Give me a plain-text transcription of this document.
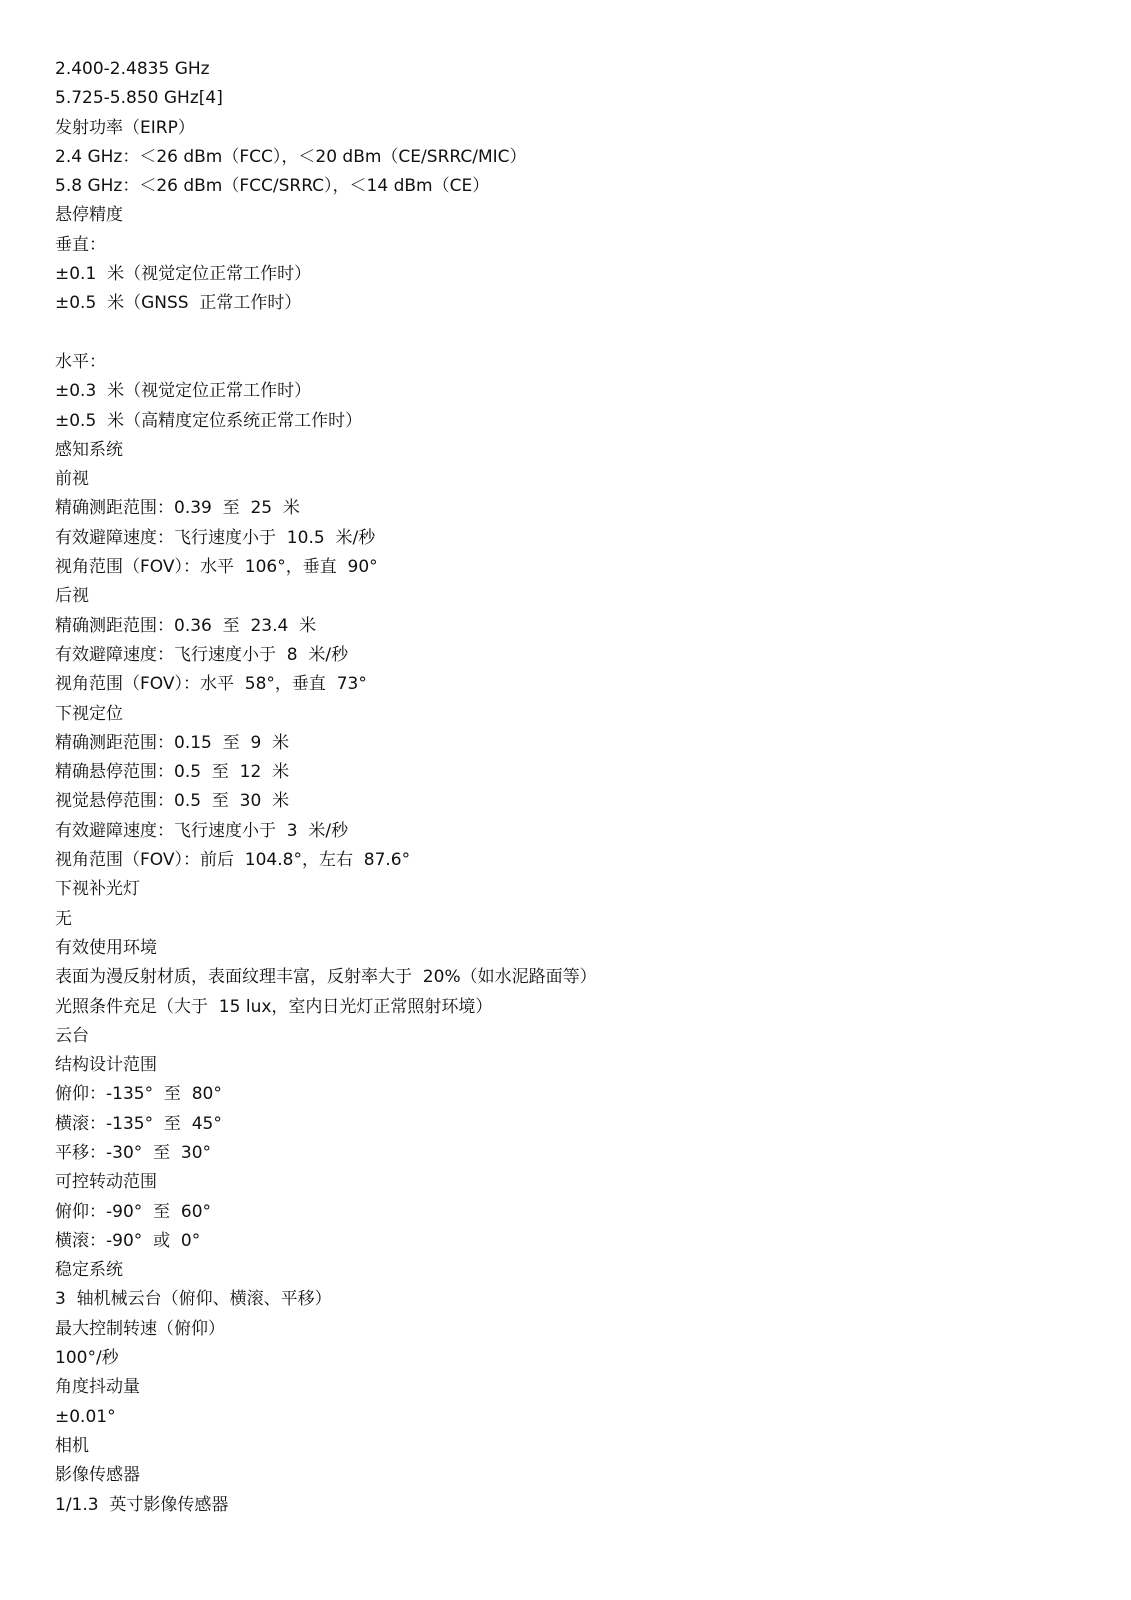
2.400-2.4835 GHz
5.725-5.850 GHz[4]
发射功率（EIRP）
2.4 GHz：＜26 dBm（FCC），＜20 dBm（CE/SRRC/MIC）
5.8 GHz：＜26 dBm（FCC/SRRC），＜14 dBm（CE）
悬停精度
垂直：
±0.1  米（视觉定位正常工作时）
±0.5  米（GNSS  正常工作时）
水平：
±0.3  米（视觉定位正常工作时）
±0.5  米（高精度定位系统正常工作时）
感知系统
前视
精确测距范围：0.39  至  25  米
有效避障速度：飞行速度小于  10.5  米/秒
视角范围（FOV）：水平  106°，垂直  90°
后视
精确测距范围：0.36  至  23.4  米
有效避障速度：飞行速度小于  8  米/秒
视角范围（FOV）：水平  58°，垂直  73°
下视定位
精确测距范围：0.15  至  9  米
精确悬停范围：0.5  至  12  米
视觉悬停范围：0.5  至  30  米
有效避障速度：飞行速度小于  3  米/秒
视角范围（FOV）：前后  104.8°，左右  87.6°
下视补光灯
无
有效使用环境
表面为漫反射材质，表面纹理丰富，反射率大于  20%（如水泥路面等）
光照条件充足（大于  15 lux，室内日光灯正常照射环境）
云台
结构设计范围
俯仰：-135°  至  80°
横滚：-135°  至  45°
平移：-30°  至  30°
可控转动范围
俯仰：-90°  至  60°
横滚：-90°  或  0°
稳定系统
3  轴机械云台（俯仰、横滚、平移）
最大控制转速（俯仰）
100°/秒
角度抖动量
±0.01°
相机
影像传感器
1/1.3  英寸影像传感器
